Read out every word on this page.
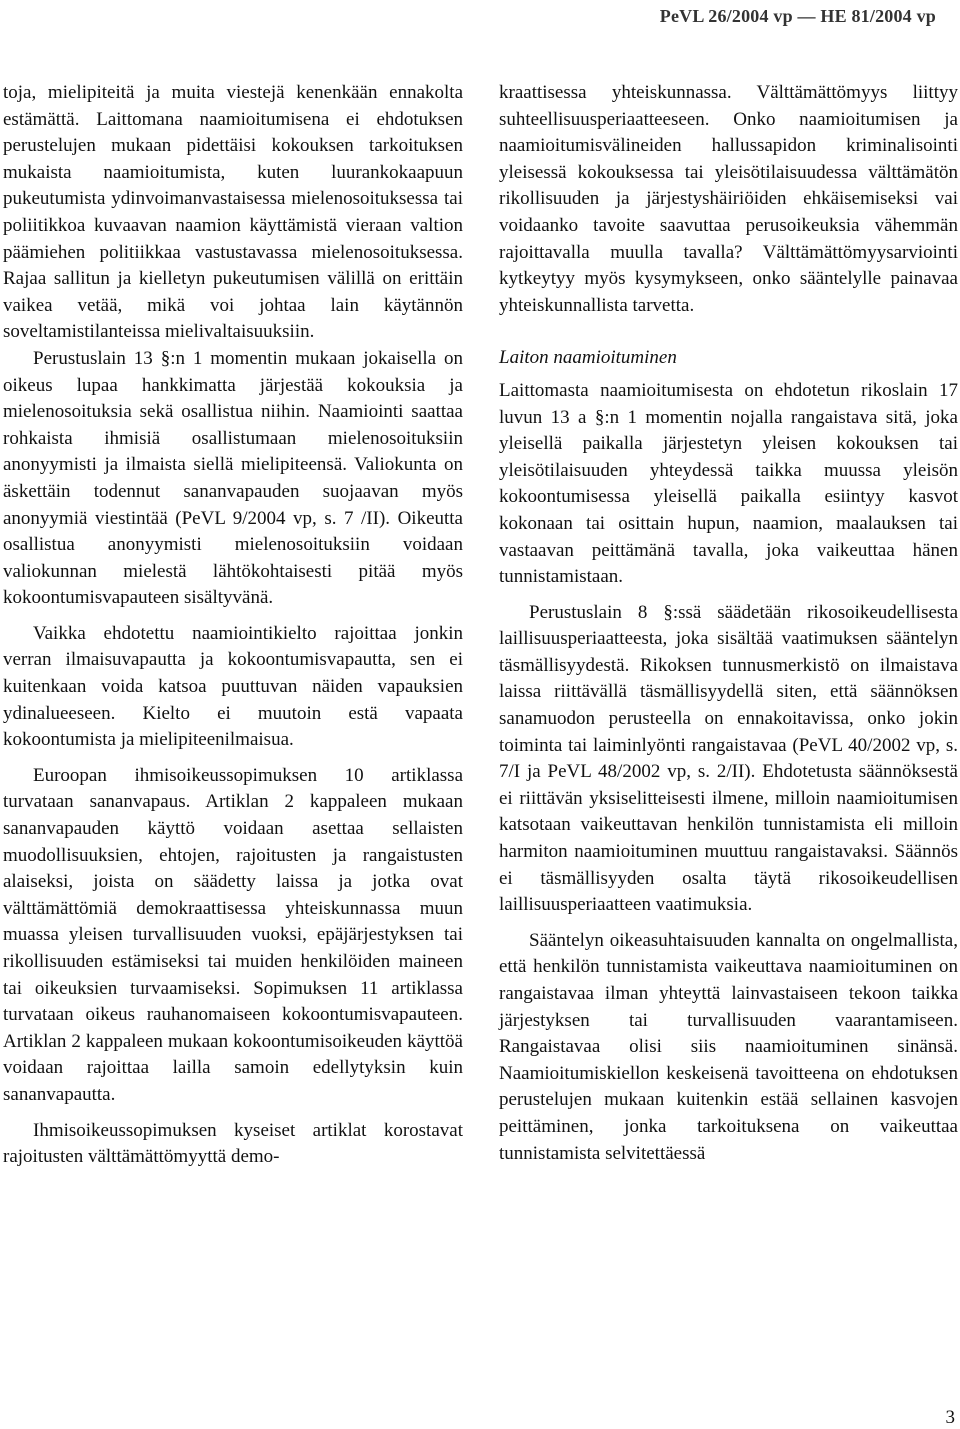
PeVL 26/2004 vp — HE 81/2004 vp

toja, mielipiteitä ja muita viestejä kenenkään ennakolta estämättä. Laittomana naamioitumisena ei ehdotuksen perustelujen mukaan pidettäisi kokouksen tarkoituksen mukaista naamioitumista, kuten luurankokaapuun pukeutumista ydinvoimanvastaisessa mielenosoituksessa tai poliitikkoa kuvaavan naamion käyttämistä vieraan valtion päämiehen politiikkaa vastustavassa mielenosoituksessa. Rajaa sallitun ja kielletyn pukeutumisen välillä on erittäin vaikea vetää, mikä voi johtaa lain käytännön soveltamistilanteissa mielivaltaisuuksiin.

Perustuslain 13 §:n 1 momentin mukaan jokaisella on oikeus lupaa hankkimatta järjestää kokouksia ja mielenosoituksia sekä osallistua niihin. Naamiointi saattaa rohkaista ihmisiä osallistumaan mielenosoituksiin anonyymisti ja ilmaista siellä mielipiteensä. Valiokunta on äskettäin todennut sananvapauden suojaavan myös anonyymiä viestintää (PeVL 9/2004 vp, s. 7 /II). Oikeutta osallistua anonyymisti mielenosoituksiin voidaan valiokunnan mielestä lähtökohtaisesti pitää myös kokoontumisvapauteen sisältyvänä.

Vaikka ehdotettu naamiointikielto rajoittaa jonkin verran ilmaisuvapautta ja kokoontumisvapautta, sen ei kuitenkaan voida katsoa puuttuvan näiden vapauksien ydinalueeseen. Kielto ei muutoin estä vapaata kokoontumista ja mielipiteenilmaisua.

Euroopan ihmisoikeussopimuksen 10 artiklassa turvataan sananvapaus. Artiklan 2 kappaleen mukaan sananvapauden käyttö voidaan asettaa sellaisten muodollisuuksien, ehtojen, rajoitusten ja rangaistusten alaiseksi, joista on säädetty laissa ja jotka ovat välttämättömiä demokraattisessa yhteiskunnassa muun muassa yleisen turvallisuuden vuoksi, epäjärjestyksen tai rikollisuuden estämiseksi tai muiden henkilöiden maineen tai oikeuksien turvaamiseksi. Sopimuksen 11 artiklassa turvataan oikeus rauhanomaiseen kokoontumisvapauteen. Artiklan 2 kappaleen mukaan kokoontumisoikeuden käyttöä voidaan rajoittaa lailla samoin edellytyksin kuin sananvapautta.

Ihmisoikeussopimuksen kyseiset artiklat korostavat rajoitusten välttämättömyyttä demo-

kraattisessa yhteiskunnassa. Välttämättömyys liittyy suhteellisuusperiaatteeseen. Onko naamioitumisen ja naamioitumisvälineiden hallussapidon kriminalisointi yleisessä kokouksessa tai yleisötilaisuudessa välttämätön rikollisuuden ja järjestyshäiriöiden ehkäisemiseksi vai voidaanko tavoite saavuttaa perusoikeuksia vähemmän rajoittavalla muulla tavalla? Välttämättömyysarviointi kytkeytyy myös kysymykseen, onko sääntelylle painavaa yhteiskunnallista tarvetta.

Laiton naamioituminen

Laittomasta naamioitumisesta on ehdotetun rikoslain 17 luvun 13 a §:n 1 momentin nojalla rangaistava sitä, joka yleisellä paikalla järjestetyn yleisen kokouksen tai yleisötilaisuuden yhteydessä taikka muussa yleisön kokoontumisessa yleisellä paikalla esiintyy kasvot kokonaan tai osittain hupun, naamion, maalauksen tai vastaavan peittämänä tavalla, joka vaikeuttaa hänen tunnistamistaan.

Perustuslain 8 §:ssä säädetään rikosoikeudellisesta laillisuusperiaatteesta, joka sisältää vaatimuksen sääntelyn täsmällisyydestä. Rikoksen tunnusmerkistö on ilmaistava laissa riittävällä täsmällisyydellä siten, että säännöksen sanamuodon perusteella on ennakoitavissa, onko jokin toiminta tai laiminlyönti rangaistavaa (PeVL 40/2002 vp, s. 7/I ja PeVL 48/2002 vp, s. 2/II). Ehdotetusta säännöksestä ei riittävän yksiselitteisesti ilmene, milloin naamioitumisen katsotaan vaikeuttavan henkilön tunnistamista eli milloin harmiton naamioituminen muuttuu rangaistavaksi. Säännös ei täsmällisyyden osalta täytä rikosoikeudellisen laillisuusperiaatteen vaatimuksia.

Sääntelyn oikeasuhtaisuuden kannalta on ongelmallista, että henkilön tunnistamista vaikeuttava naamioituminen on rangaistavaa ilman yhteyttä lainvastaiseen tekoon taikka järjestyksen tai turvallisuuden vaarantamiseen. Rangaistavaa olisi siis naamioituminen sinänsä. Naamioitumiskiellon keskeisenä tavoitteena on ehdotuksen perustelujen mukaan kuitenkin estää sellainen kasvojen peittäminen, jonka tarkoituksena on vaikeuttaa tunnistamista selvitettäessä

3
